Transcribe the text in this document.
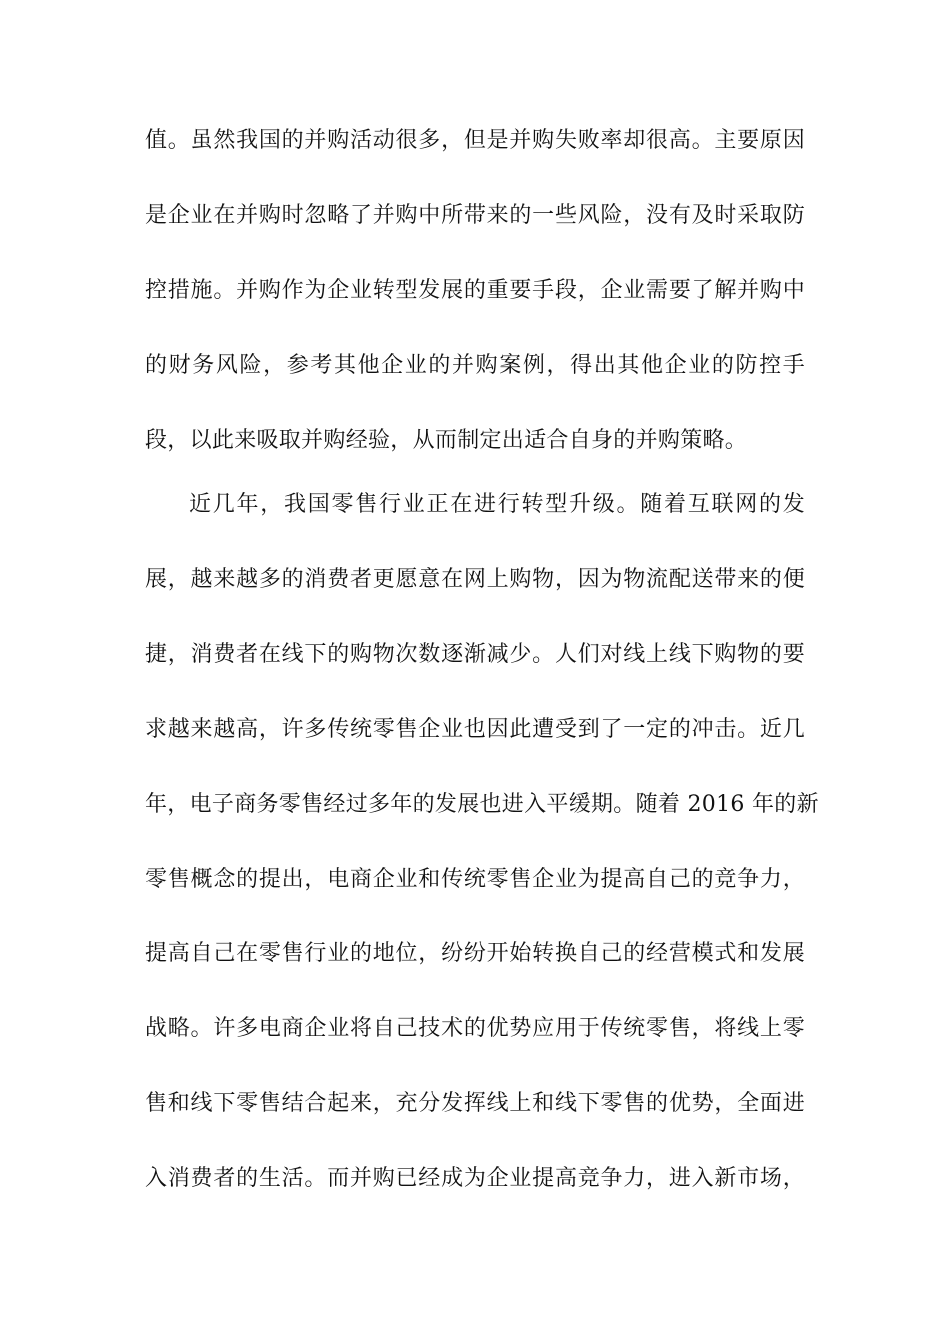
值。虽然我国的并购活动很多，但是并购失败率却很高。主要原因
是企业在并购时忽略了并购中所带来的一些风险，没有及时采取防
控措施。并购作为企业转型发展的重要手段，企业需要了解并购中
的财务风险，参考其他企业的并购案例，得出其他企业的防控手
段，以此来吸取并购经验，从而制定出适合自身的并购策略。
近几年，我国零售行业正在进行转型升级。随着互联网的发
展，越来越多的消费者更愿意在网上购物，因为物流配送带来的便
捷，消费者在线下的购物次数逐渐减少。人们对线上线下购物的要
求越来越高，许多传统零售企业也因此遭受到了一定的冲击。近几
年，电子商务零售经过多年的发展也进入平缓期。随着 2016 年的新
零售概念的提出，电商企业和传统零售企业为提高自己的竞争力，
提高自己在零售行业的地位，纷纷开始转换自己的经营模式和发展
战略。许多电商企业将自己技术的优势应用于传统零售，将线上零
售和线下零售结合起来，充分发挥线上和线下零售的优势，全面进
入消费者的生活。而并购已经成为企业提高竞争力，进入新市场，
